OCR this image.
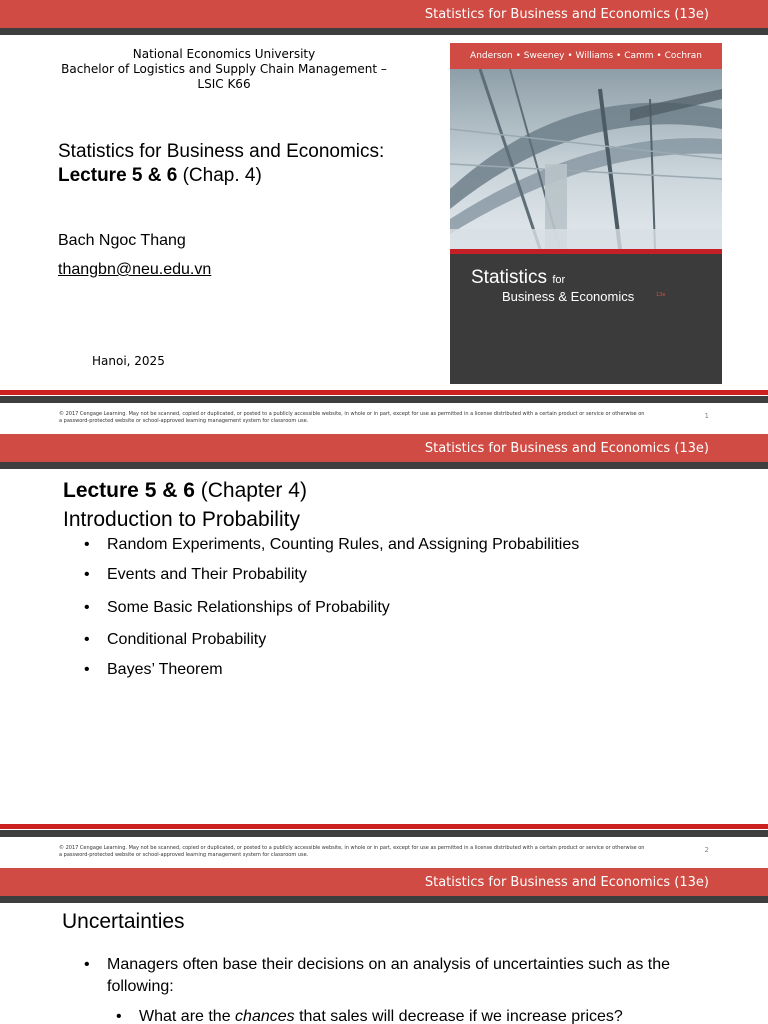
Statistics for Business and Economics (13e)
National Economics University
Bachelor of Logistics and Supply Chain Management –
LSIC K66
Statistics for Business and Economics:
Lecture 5 & 6 (Chap. 4)
Bach Ngoc Thang
thangbn@neu.edu.vn
Hanoi, 2025
Anderson • Sweeney • Williams • Camm • Cochran
Statistics for
Business & Economics	13e
© 2017 Cengage Learning. May not be scanned, copied or duplicated, or posted to a publicly accessible website, in whole or in part, except for use as permitted in a license distributed with a certain product or service or otherwise on a password-protected website or school-approved learning management system for classroom use.
1
Statistics for Business and Economics (13e)
Lecture 5 & 6 (Chapter 4)
Introduction to Probability
• Random Experiments, Counting Rules, and Assigning Probabilities
• Events and Their Probability
• Some Basic Relationships of Probability
• Conditional Probability
• Bayes’ Theorem
© 2017 Cengage Learning. May not be scanned, copied or duplicated, or posted to a publicly accessible website, in whole or in part, except for use as permitted in a license distributed with a certain product or service or otherwise on a password-protected website or school-approved learning management system for classroom use.
2
Statistics for Business and Economics (13e)
Uncertainties
• Managers often base their decisions on an analysis of uncertainties such as the following:
• What are the chances that sales will decrease if we increase prices?
